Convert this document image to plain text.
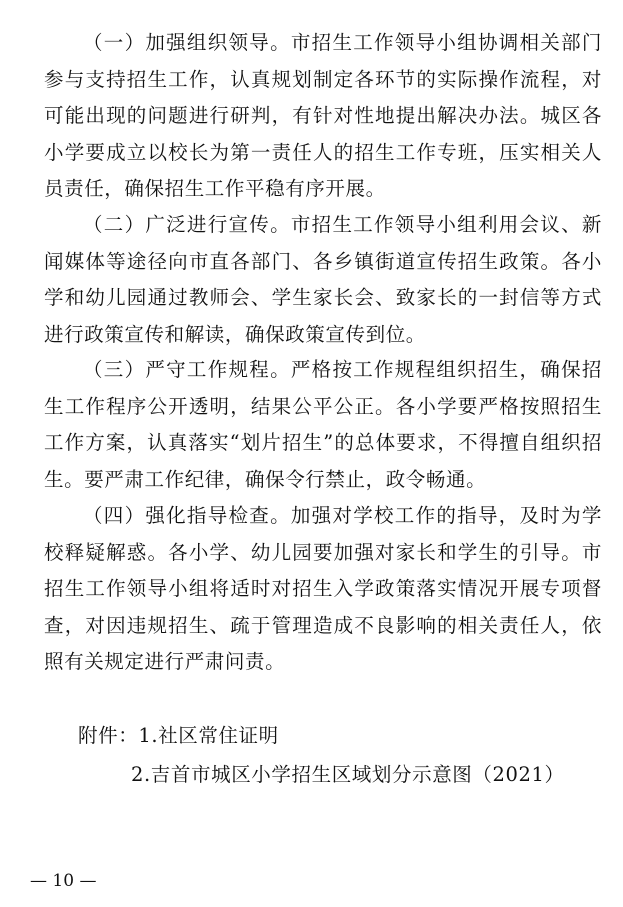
（一）加强组织领导。市招生工作领导小组协调相关部门参与支持招生工作，认真规划制定各环节的实际操作流程，对可能出现的问题进行研判，有针对性地提出解决办法。城区各小学要成立以校长为第一责任人的招生工作专班，压实相关人员责任，确保招生工作平稳有序开展。

（二）广泛进行宣传。市招生工作领导小组利用会议、新闻媒体等途径向市直各部门、各乡镇街道宣传招生政策。各小学和幼儿园通过教师会、学生家长会、致家长的一封信等方式进行政策宣传和解读，确保政策宣传到位。

（三）严守工作规程。严格按工作规程组织招生，确保招生工作程序公开透明，结果公平公正。各小学要严格按照招生工作方案，认真落实“划片招生”的总体要求，不得擅自组织招生。要严肃工作纪律，确保令行禁止，政令畅通。

（四）强化指导检查。加强对学校工作的指导，及时为学校释疑解惑。各小学、幼儿园要加强对家长和学生的引导。市招生工作领导小组将适时对招生入学政策落实情况开展专项督查，对因违规招生、疏于管理造成不良影响的相关责任人，依照有关规定进行严肃问责。

附件：1.社区常住证明
2.吉首市城区小学招生区域划分示意图（2021）
— 10 —
